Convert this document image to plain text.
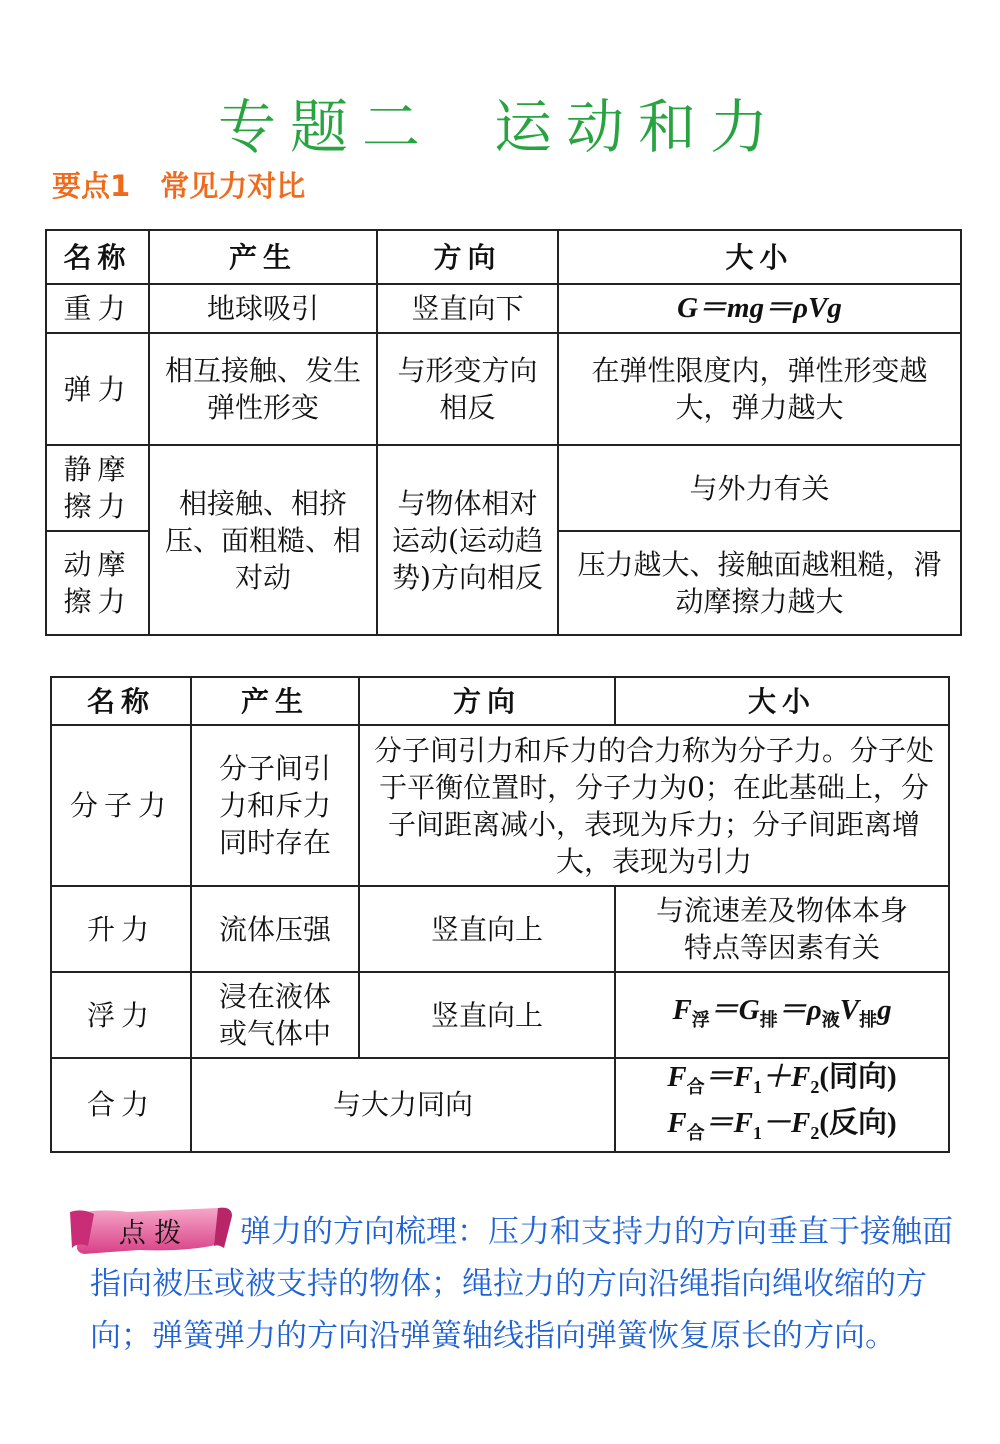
专题二 运动和力
要点1 常见力对比
名称	产生	方向	大小
重力	地球吸引	竖直向下	G＝mg＝ρVg
弹力	相互接触、发生弹性形变	与形变方向相反	在弹性限度内，弹性形变越大，弹力越大
静摩擦力	相接触、相挤压、面粗糙、相对动	与物体相对运动(运动趋势)方向相反	与外力有关
动摩擦力			压力越大、接触面越粗糙，滑动摩擦力越大
名称	产生	方向	大小
分子力	分子间引力和斥力同时存在	分子间引力和斥力的合力称为分子力。分子处于平衡位置时，分子力为0；在此基础上，分子间距离减小，表现为斥力；分子间距离增大，表现为引力	
升力	流体压强	竖直向上	与流速差及物体本身特点等因素有关
浮力	浸在液体或气体中	竖直向上	$F_浮=G_排=\rho_液V_排g$
合力	与大力同向		$F_合=F_1+F_2$(同向)
$F_合=F_1-F_2$(反向)
点 拨	弹力的方向梳理：压力和支持力的方向垂直于接触面指向被压或被支持的物体；绳拉力的方向沿绳指向绳收缩的方向；弹簧弹力的方向沿弹簧轴线指向弹簧恢复原长的方向。
